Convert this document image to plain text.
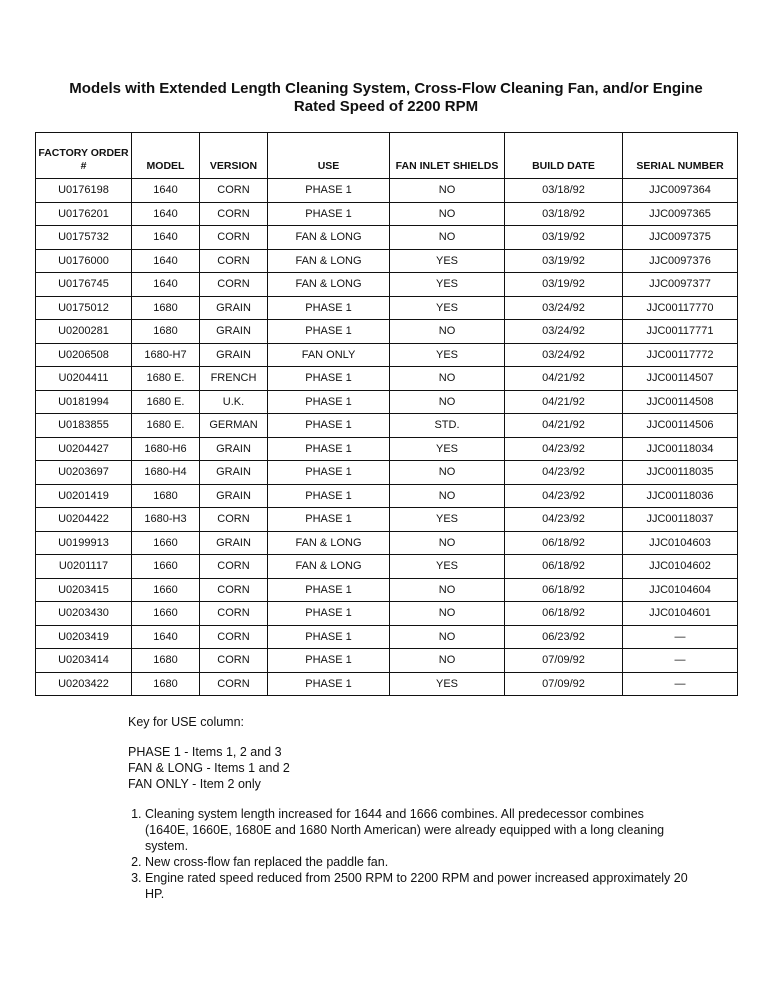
Models with Extended Length Cleaning System, Cross-Flow Cleaning Fan, and/or Engine
Rated Speed of 2200 RPM
FACTORY ORDER #	MODEL	VERSION	USE	FAN INLET SHIELDS	BUILD DATE	SERIAL NUMBER
U0176198	1640	CORN	PHASE 1	NO	03/18/92	JJC0097364
U0176201	1640	CORN	PHASE 1	NO	03/18/92	JJC0097365
U0175732	1640	CORN	FAN & LONG	NO	03/19/92	JJC0097375
U0176000	1640	CORN	FAN & LONG	YES	03/19/92	JJC0097376
U0176745	1640	CORN	FAN & LONG	YES	03/19/92	JJC0097377
U0175012	1680	GRAIN	PHASE 1	YES	03/24/92	JJC00117770
U0200281	1680	GRAIN	PHASE 1	NO	03/24/92	JJC00117771
U0206508	1680-H7	GRAIN	FAN ONLY	YES	03/24/92	JJC00117772
U0204411	1680 E.	FRENCH	PHASE 1	NO	04/21/92	JJC00114507
U0181994	1680 E.	U.K.	PHASE 1	NO	04/21/92	JJC00114508
U0183855	1680 E.	GERMAN	PHASE 1	STD.	04/21/92	JJC00114506
U0204427	1680-H6	GRAIN	PHASE 1	YES	04/23/92	JJC00118034
U0203697	1680-H4	GRAIN	PHASE 1	NO	04/23/92	JJC00118035
U0201419	1680	GRAIN	PHASE 1	NO	04/23/92	JJC00118036
U0204422	1680-H3	CORN	PHASE 1	YES	04/23/92	JJC00118037
U0199913	1660	GRAIN	FAN & LONG	NO	06/18/92	JJC0104603
U0201117	1660	CORN	FAN & LONG	YES	06/18/92	JJC0104602
U0203415	1660	CORN	PHASE 1	NO	06/18/92	JJC0104604
U0203430	1660	CORN	PHASE 1	NO	06/18/92	JJC0104601
U0203419	1640	CORN	PHASE 1	NO	06/23/92	—
U0203414	1680	CORN	PHASE 1	NO	07/09/92	—
U0203422	1680	CORN	PHASE 1	YES	07/09/92	—

Key for USE column:

PHASE 1 - Items 1, 2 and 3

FAN & LONG - Items 1 and 2

FAN ONLY - Item 2 only

1. Cleaning system length increased for 1644 and 1666 combines. All predecessor combines (1640E, 1660E, 1680E and 1680 North American) were already equipped with a long cleaning system.
2. New cross-flow fan replaced the paddle fan.
3. Engine rated speed reduced from 2500 RPM to 2200 RPM and power increased approximately 20 HP.
